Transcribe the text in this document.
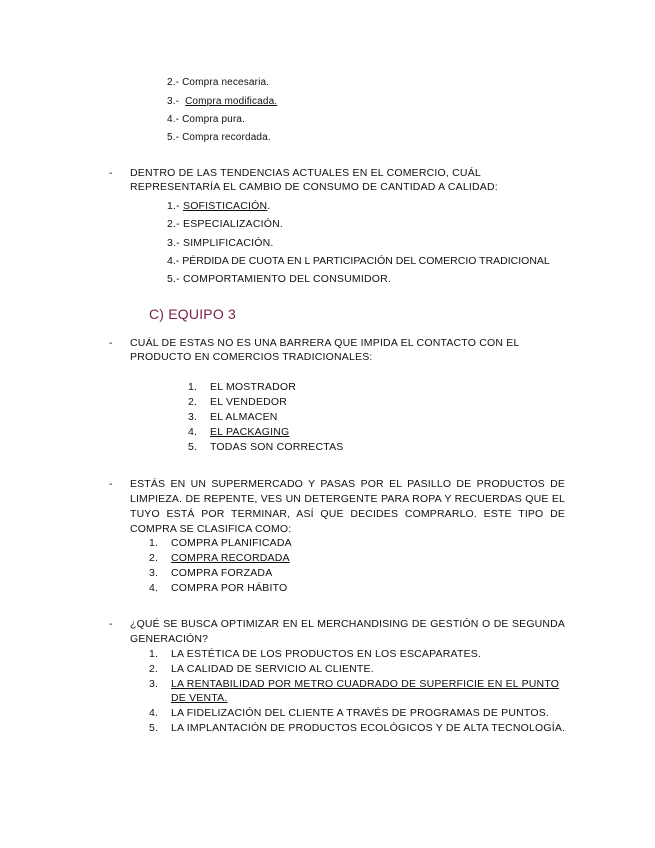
2.- Compra necesaria.
3.- Compra modificada.
4.- Compra pura.
5.- Compra recordada.
- DENTRO DE LAS TENDENCIAS ACTUALES EN EL COMERCIO, CUÁL
REPRESENTARÍA EL CAMBIO DE CONSUMO DE CANTIDAD A CALIDAD:
1.- SOFISTICACIÓN.
2.- ESPECIALIZACIÓN.
3.- SIMPLIFICACIÓN.
4.- PÉRDIDA DE CUOTA EN L PARTICIPACIÓN DEL COMERCIO TRADICIONAL
5.- COMPORTAMIENTO DEL CONSUMIDOR.
C) EQUIPO 3
- CUÁL DE ESTAS NO ES UNA BARRERA QUE IMPIDA EL CONTACTO CON EL
PRODUCTO EN COMERCIOS TRADICIONALES:
1. EL MOSTRADOR
2. EL VENDEDOR
3. EL ALMACEN
4. EL PACKAGING
5. TODAS SON CORRECTAS
- ESTÁS EN UN SUPERMERCADO Y PASAS POR EL PASILLO DE PRODUCTOS DE
LIMPIEZA. DE REPENTE, VES UN DETERGENTE PARA ROPA Y RECUERDAS QUE EL
TUYO ESTÁ POR TERMINAR, ASÍ QUE DECIDES COMPRARLO. ESTE TIPO DE
COMPRA SE CLASIFICA COMO:
1. COMPRA PLANIFICADA
2. COMPRA RECORDADA
3. COMPRA FORZADA
4. COMPRA POR HÁBITO
- ¿QUÉ SE BUSCA OPTIMIZAR EN EL MERCHANDISING DE GESTIÓN O DE SEGUNDA
GENERACIÓN?
1. LA ESTÉTICA DE LOS PRODUCTOS EN LOS ESCAPARATES.
2. LA CALIDAD DE SERVICIO AL CLIENTE.
3. LA RENTABILIDAD POR METRO CUADRADO DE SUPERFICIE EN EL PUNTO
DE VENTA.
4. LA FIDELIZACIÓN DEL CLIENTE A TRAVÉS DE PROGRAMAS DE PUNTOS.
5. LA IMPLANTACIÓN DE PRODUCTOS ECOLÓGICOS Y DE ALTA TECNOLOGÍA.
